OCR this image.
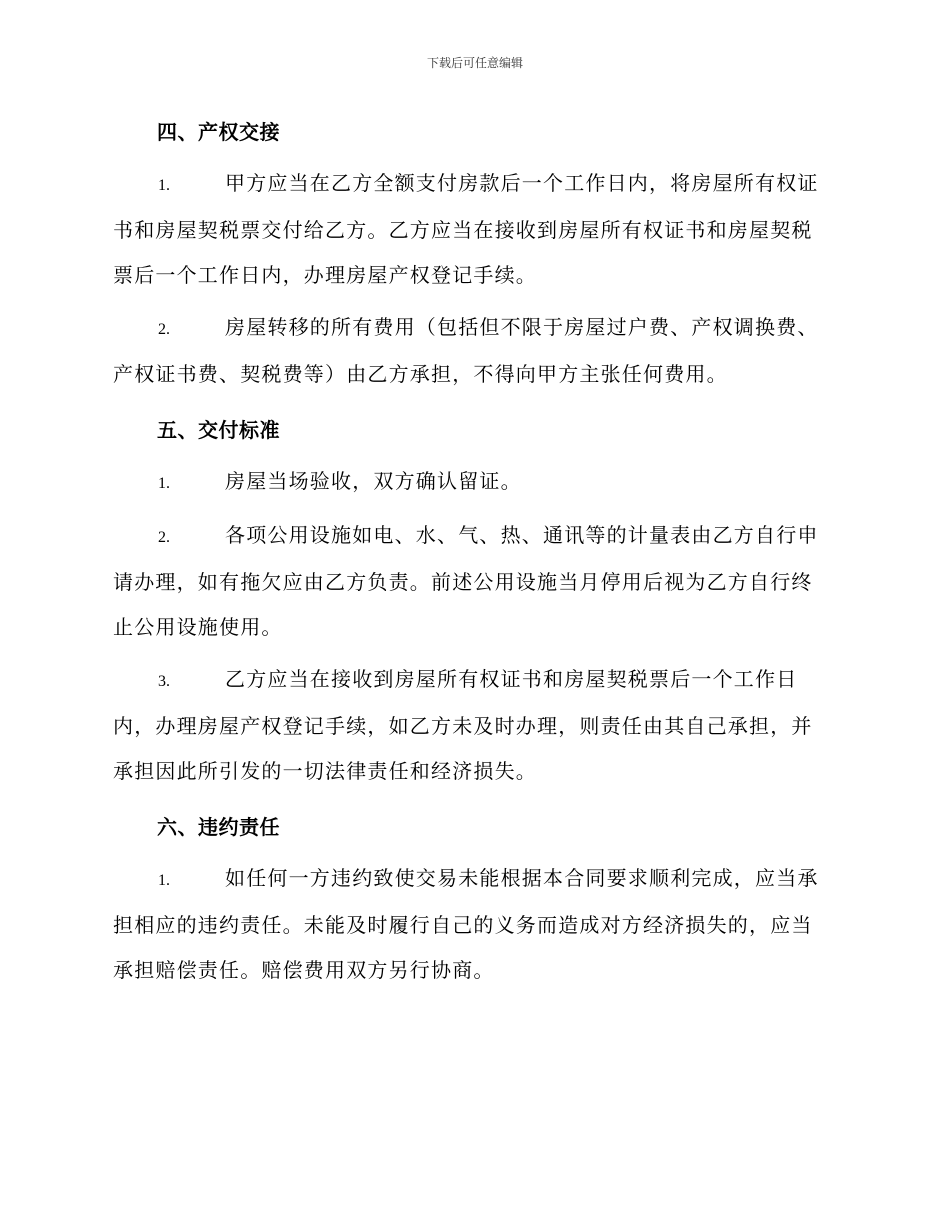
下载后可任意编辑
四、产权交接
1.	甲方应当在乙方全额支付房款后一个工作日内，将房屋所有权证
书和房屋契税票交付给乙方。乙方应当在接收到房屋所有权证书和房屋契税
票后一个工作日内，办理房屋产权登记手续。
2.	房屋转移的所有费用（包括但不限于房屋过户费、产权调换费、
产权证书费、契税费等）由乙方承担，不得向甲方主张任何费用。
五、交付标准
1.	房屋当场验收，双方确认留证。
2.	各项公用设施如电、水、气、热、通讯等的计量表由乙方自行申
请办理，如有拖欠应由乙方负责。前述公用设施当月停用后视为乙方自行终
止公用设施使用。
3.	乙方应当在接收到房屋所有权证书和房屋契税票后一个工作日
内，办理房屋产权登记手续，如乙方未及时办理，则责任由其自己承担，并
承担因此所引发的一切法律责任和经济损失。
六、违约责任
1.	如任何一方违约致使交易未能根据本合同要求顺利完成，应当承
担相应的违约责任。未能及时履行自己的义务而造成对方经济损失的，应当
承担赔偿责任。赔偿费用双方另行协商。
